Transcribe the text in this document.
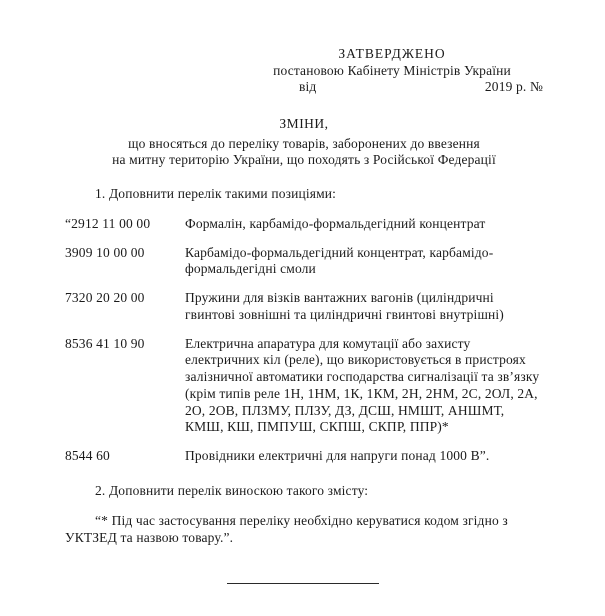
ЗАТВЕРДЖЕНО
постановою Кабінету Міністрів України
від	2019 р. №
ЗМІНИ,
що вносяться до переліку товарів, заборонених до ввезення
на митну територію України, що походять з Російської Федерації
1. Доповнити перелік такими позиціями:
“2912 11 00 00	Формалін, карбамідо-формальдегідний концентрат
3909 10 00 00	Карбамідо-формальдегідний концентрат, карбамідо-формальдегідні смоли
7320 20 20 00	Пружини для візків вантажних вагонів (циліндричні гвинтові зовнішні та циліндричні гвинтові внутрішні)
8536 41 10 90	Електрична апаратура для комутації або захисту електричних кіл (реле), що використовується в пристроях залізничної автоматики господарства сигналізації та зв’язку (крім типів реле 1Н, 1НМ, 1К, 1КМ, 2Н, 2НМ, 2С, 2ОЛ, 2А, 2О, 2ОВ, ПЛЗМУ, ПЛЗУ, ДЗ, ДСШ, НМШТ, АНШМТ, КМШ, КШ, ПМПУШ, СКПШ, СКПР, ППР)*
8544 60	Провідники електричні для напруги понад 1000 В”.
2. Доповнити перелік виноскою такого змісту:
“* Під час застосування переліку необхідно керуватися кодом згідно з УКТЗЕД та назвою товару.”.
